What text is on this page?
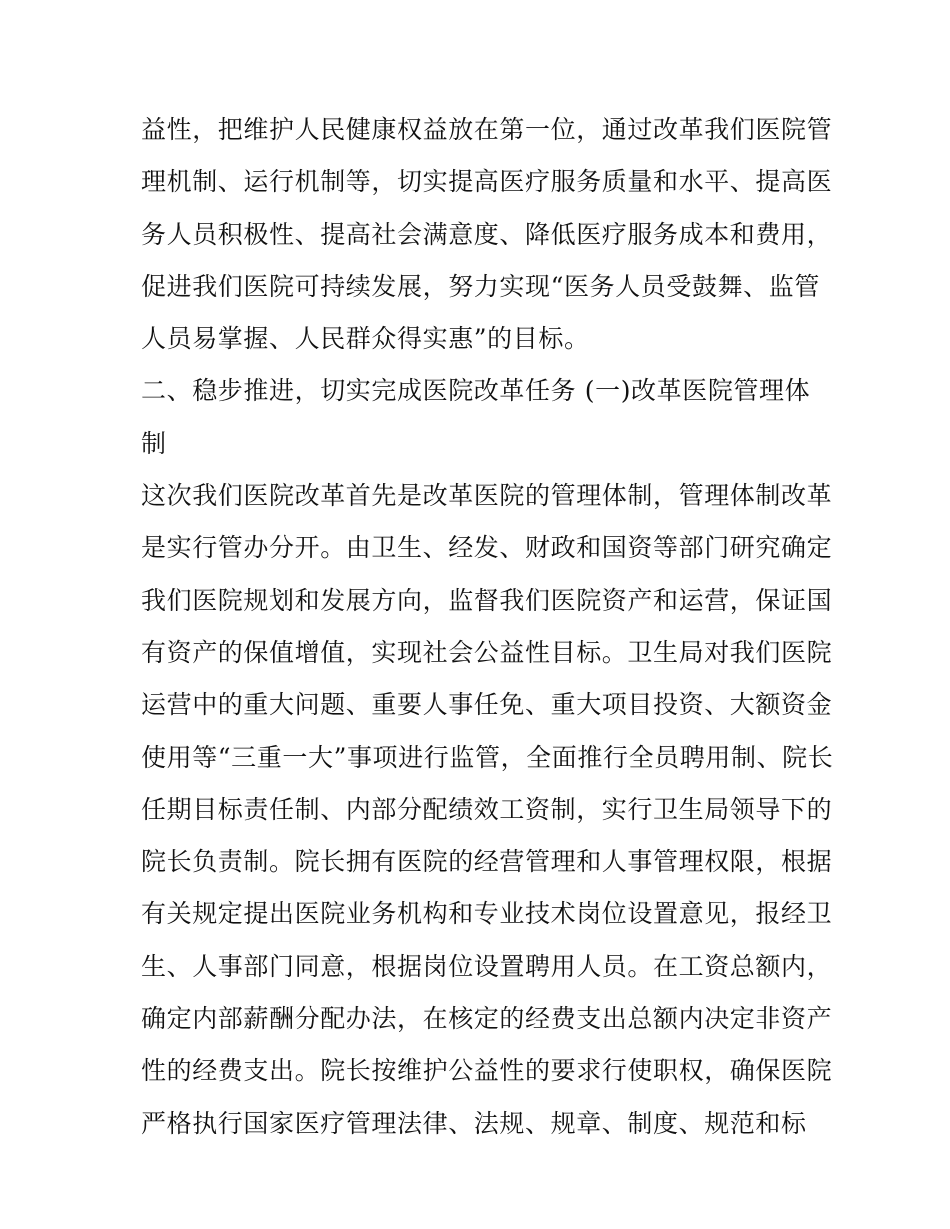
益性，把维护人民健康权益放在第一位，通过改革我们医院管
理机制、运行机制等，切实提高医疗服务质量和水平、提高医
务人员积极性、提高社会满意度、降低医疗服务成本和费用，
促进我们医院可持续发展，努力实现“医务人员受鼓舞、监管
人员易掌握、人民群众得实惠”的目标。
二、稳步推进，切实完成医院改革任务 (一)改革医院管理体
制
这次我们医院改革首先是改革医院的管理体制，管理体制改革
是实行管办分开。由卫生、经发、财政和国资等部门研究确定
我们医院规划和发展方向，监督我们医院资产和运营，保证国
有资产的保值增值，实现社会公益性目标。卫生局对我们医院
运营中的重大问题、重要人事任免、重大项目投资、大额资金
使用等“三重一大”事项进行监管，全面推行全员聘用制、院长
任期目标责任制、内部分配绩效工资制，实行卫生局领导下的
院长负责制。院长拥有医院的经营管理和人事管理权限，根据
有关规定提出医院业务机构和专业技术岗位设置意见，报经卫
生、人事部门同意，根据岗位设置聘用人员。在工资总额内，
确定内部薪酬分配办法，在核定的经费支出总额内决定非资产
性的经费支出。院长按维护公益性的要求行使职权，确保医院
严格执行国家医疗管理法律、法规、规章、制度、规范和标
